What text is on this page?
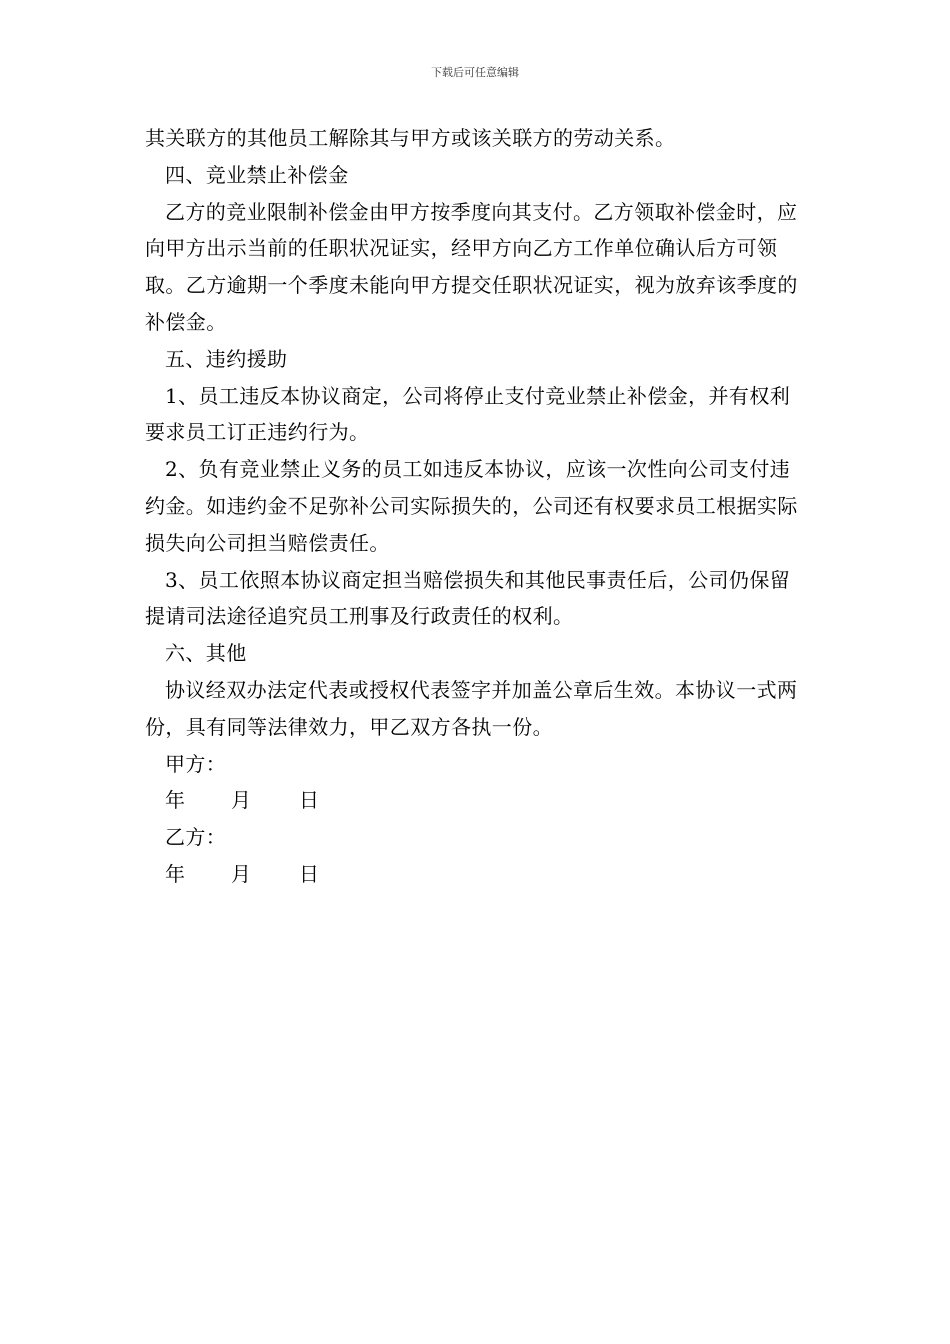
下载后可任意编辑

其关联方的其他员工解除其与甲方或该关联方的劳动关系。

四、竞业禁止补偿金

乙方的竞业限制补偿金由甲方按季度向其支付。乙方领取补偿金时，应向甲方出示当前的任职状况证实，经甲方向乙方工作单位确认后方可领取。乙方逾期一个季度未能向甲方提交任职状况证实，视为放弃该季度的补偿金。

五、违约援助

1、员工违反本协议商定，公司将停止支付竞业禁止补偿金，并有权利要求员工订正违约行为。

2、负有竞业禁止义务的员工如违反本协议，应该一次性向公司支付违约金。如违约金不足弥补公司实际损失的，公司还有权要求员工根据实际损失向公司担当赔偿责任。

3、员工依照本协议商定担当赔偿损失和其他民事责任后，公司仍保留提请司法途径追究员工刑事及行政责任的权利。

六、其他

协议经双办法定代表或授权代表签字并加盖公章后生效。本协议一式两份，具有同等法律效力，甲乙双方各执一份。

甲方：

年	月	日

乙方：

年	月	日
